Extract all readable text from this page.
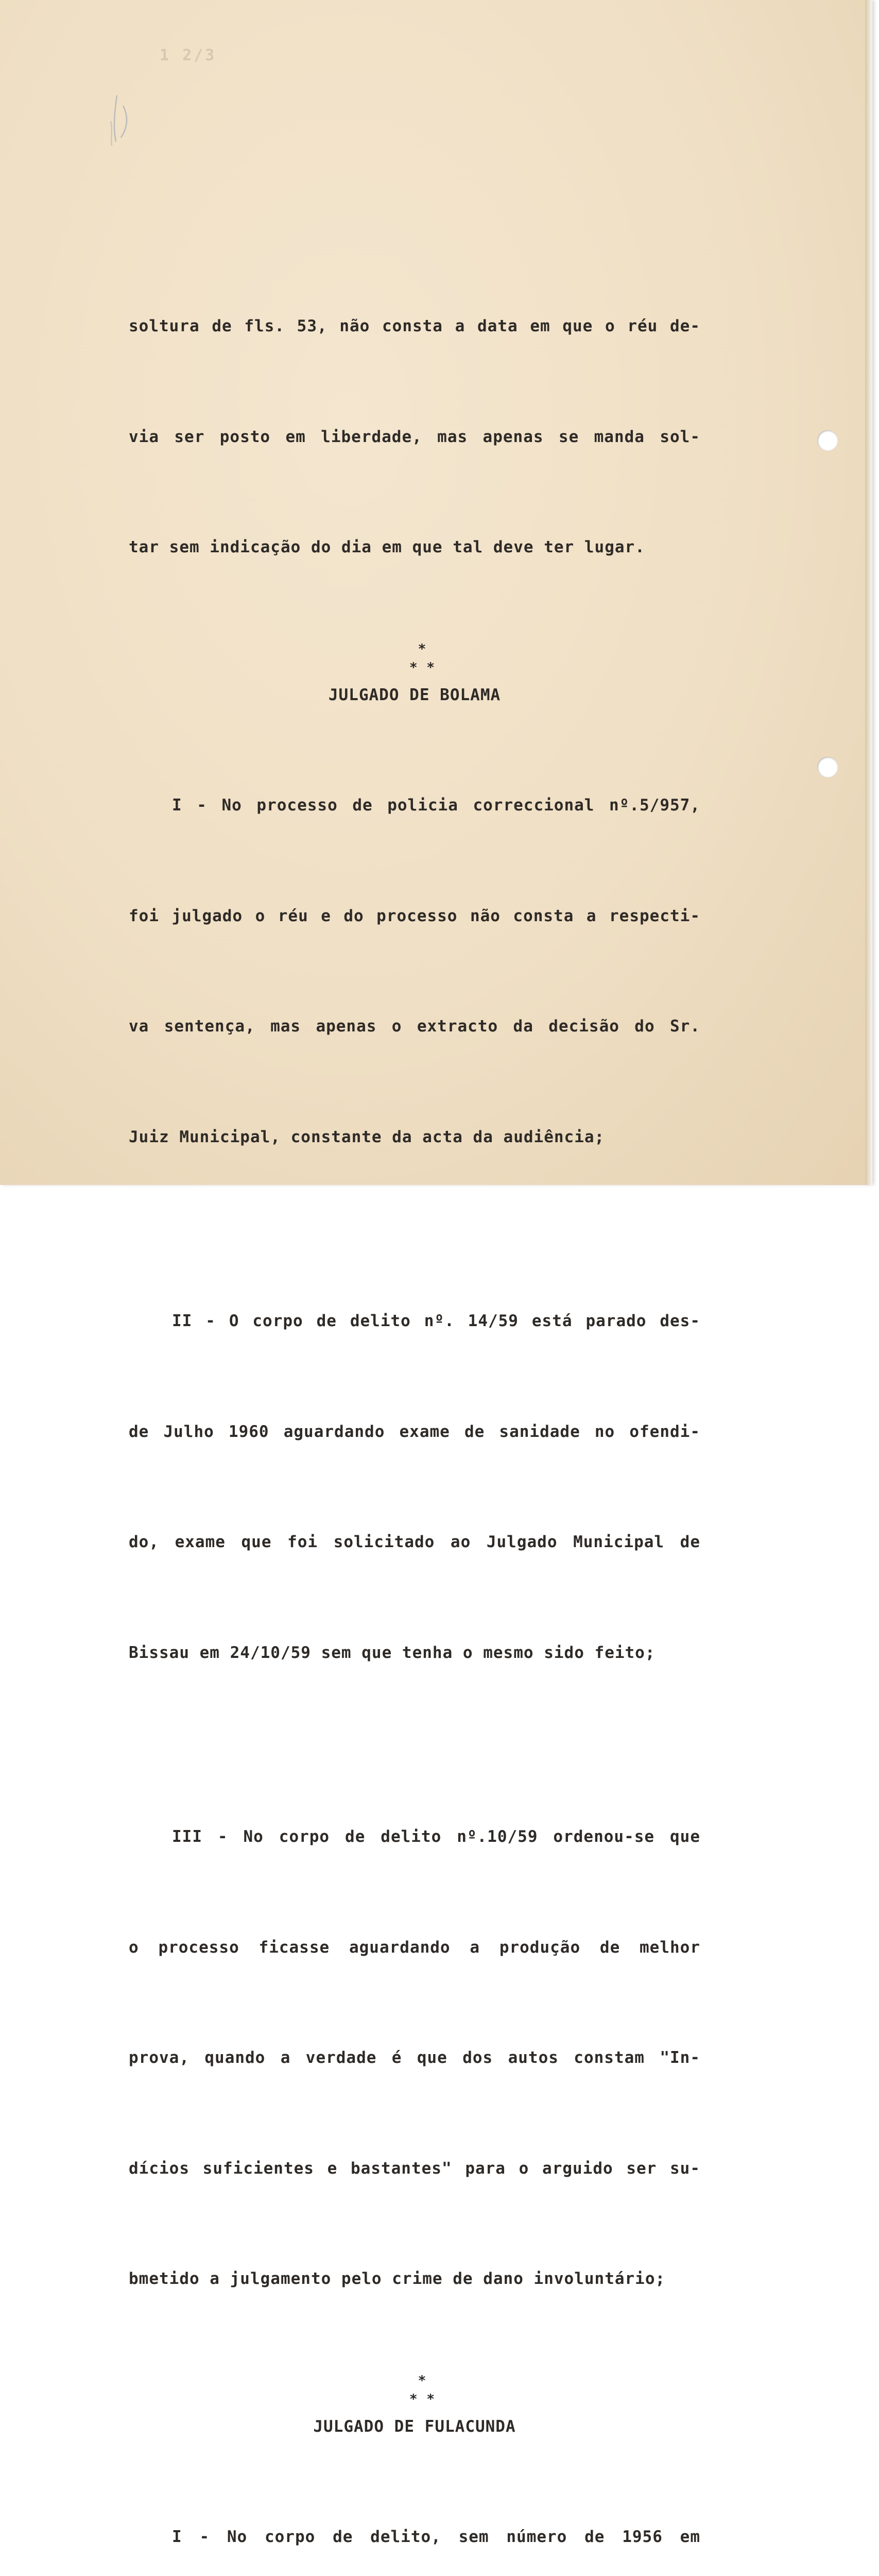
1 2/3

soltura de fls. 53, não consta a data em que o réu de-

via ser posto em liberdade, mas apenas se manda sol-

tar sem indicação do dia em que tal deve ter lugar.

*
* *
JULGADO DE BOLAMA

I - No processo de policia correccional nº.5/957,

foi julgado o réu e do processo não consta a respecti-

va sentença, mas apenas o extracto da decisão do Sr.

Juiz Municipal, constante da acta da audiência;

II - O corpo de delito nº. 14/59 está parado des-

de Julho 1960 aguardando exame de sanidade no ofendi-

do, exame que foi solicitado ao Julgado Municipal de

Bissau em 24/10/59 sem que tenha o mesmo sido feito;

III - No corpo de delito nº.10/59 ordenou-se que

o processo ficasse aguardando a produção de melhor

prova, quando a verdade é que dos autos constam "In-

dícios suficientes e bastantes" para o arguido ser su-

bmetido a julgamento pelo crime de dano involuntário;

*
* *
JULGADO DE FULACUNDA

I - No corpo de delito, sem número de 1956 em
